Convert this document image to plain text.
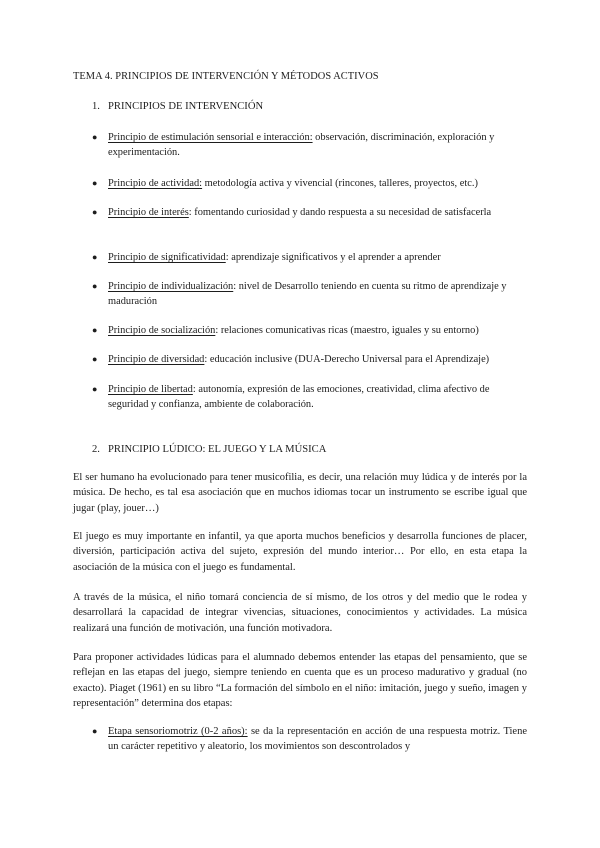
TEMA 4. PRINCIPIOS DE INTERVENCIÓN Y MÉTODOS ACTIVOS
1. PRINCIPIOS DE INTERVENCIÓN
●	Principio de estimulación sensorial e interacción: observación, discriminación, exploración y experimentación.
●	Principio de actividad: metodología activa y vivencial (rincones, talleres, proyectos, etc.)
●	Principio de interés: fomentando curiosidad y dando respuesta a su necesidad de satisfacerla
●	Principio de significatividad: aprendizaje significativos y el aprender a aprender
●	Principio de individualización: nivel de Desarrollo teniendo en cuenta su ritmo de aprendizaje y maduración
●	Principio de socialización: relaciones comunicativas ricas (maestro, iguales y su entorno)
●	Principio de diversidad: educación inclusive (DUA-Derecho Universal para el Aprendizaje)
●	Principio de libertad: autonomía, expresión de las emociones, creatividad, clima afectivo de seguridad y confianza, ambiente de colaboración.
2. PRINCIPIO LÚDICO: EL JUEGO Y LA MÚSICA
El ser humano ha evolucionado para tener musicofilia, es decir, una relación muy lúdica y de interés por la música. De hecho, es tal esa asociación que en muchos idiomas tocar un instrumento se escribe igual que jugar (play, jouer…)
El juego es muy importante en infantil, ya que aporta muchos beneficios y desarrolla funciones de placer, diversión, participación activa del sujeto, expresión del mundo interior… Por ello, en esta etapa la asociación de la música con el juego es fundamental.
A través de la música, el niño tomará conciencia de sí mismo, de los otros y del medio que le rodea y desarrollará la capacidad de integrar vivencias, situaciones, conocimientos y actividades. La música realizará una función de motivación, una función motivadora.
Para proponer actividades lúdicas para el alumnado debemos entender las etapas del pensamiento, que se reflejan en las etapas del juego, siempre teniendo en cuenta que es un proceso madurativo y gradual (no exacto). Piaget (1961) en su libro “La formación del símbolo en el niño: imitación, juego y sueño, imagen y representación” determina dos etapas:
●	Etapa sensoriomotriz (0-2 años): se da la representación en acción de una respuesta motriz. Tiene un carácter repetitivo y aleatorio, los movimientos son descontrolados y
